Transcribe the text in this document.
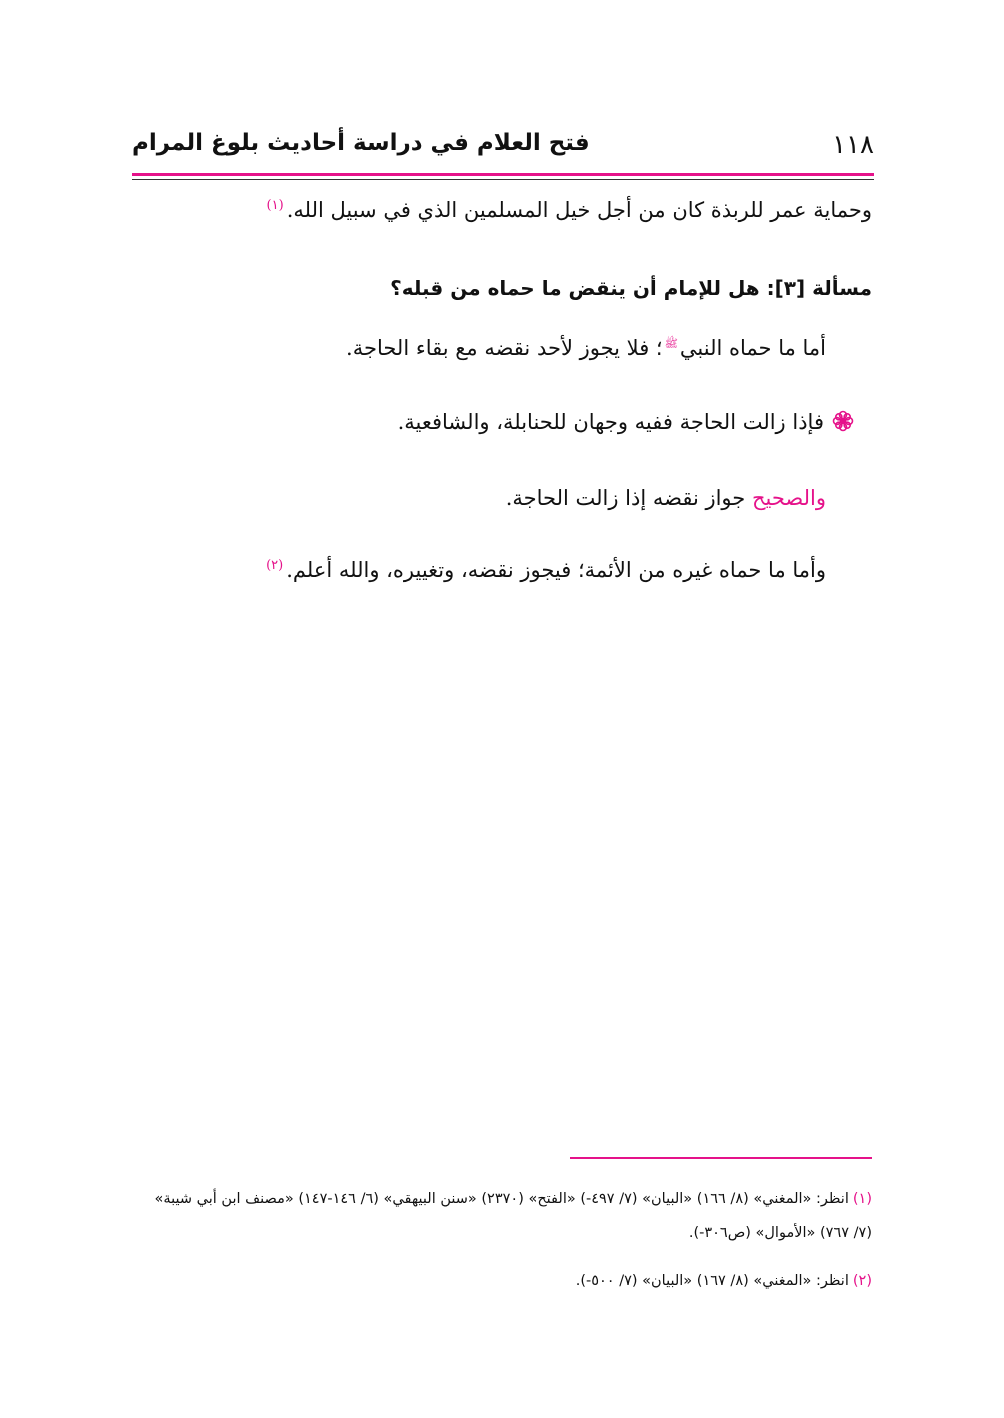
١١٨
فتح العلام في دراسة أحاديث بلوغ المرام
وحماية عمر للربذة كان من أجل خيل المسلمين الذي في سبيل الله.$^{(١)}$
مسألة [٣]: هل للإمام أن ينقض ما حماه من قبله؟
أما ما حماه النبيﷺ؛ فلا يجوز لأحد نقضه مع بقاء الحاجة.
فإذا زالت الحاجة ففيه وجهان للحنابلة، والشافعية.
والصحيح جواز نقضه إذا زالت الحاجة.
وأما ما حماه غيره من الأئمة؛ فيجوز نقضه، وتغييره، والله أعلم.$^{(٢)}$
(١)انظر: «المغني» (٨/ ١٦٦) «البيان» (٧/ ٤٩٧-) «الفتح» (٢٣٧٠) «سنن البيهقي» (٦/ ١٤٦-١٤٧) «مصنف ابن أبي شيبة» (٧/ ٧٦٧) «الأموال» (ص٣٠٦-).
(٢)انظر: «المغني» (٨/ ١٦٧) «البيان» (٧/ ٥٠٠-).
